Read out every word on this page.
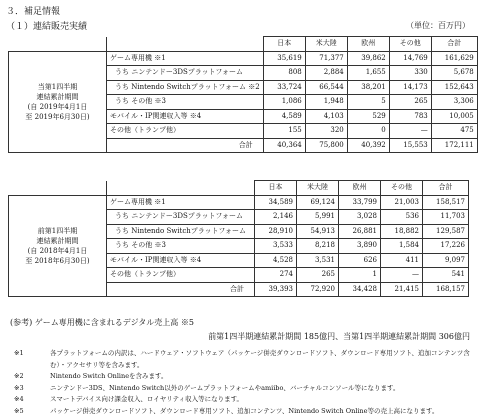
３．補足情報
（１）連結販売実績	（単位：百万円）
		日本	米大陸	欧州	その他	合計

当第1四半期
連結累計期間
(自 2019年4月1日
至 2019年6月30日)	ゲーム専用機 ※1	35,619	71,377	39,862	14,769	161,629
	うち ニンテンドー3DSプラットフォーム	808	2,884	1,655	330	5,678
	うち Nintendo Switchプラットフォーム ※2	33,724	66,544	38,201	14,173	152,643
	うち その他 ※3	1,086	1,948	5	265	3,306
	モバイル・IP関連収入等 ※4	4,589	4,103	529	783	10,005
	その他（トランプ他）	155	320	0	—	475
	合計	40,364	75,800	40,392	15,553	172,111
		日本	米大陸	欧州	その他	合計

前第1四半期
連結累計期間
(自 2018年4月1日
至 2018年6月30日)	ゲーム専用機 ※1	34,589	69,124	33,799	21,003	158,517
	うち ニンテンドー3DSプラットフォーム	2,146	5,991	3,028	536	11,703
	うち Nintendo Switchプラットフォーム	28,910	54,913	26,881	18,882	129,587
	うち その他 ※3	3,533	8,218	3,890	1,584	17,226
	モバイル・IP関連収入等 ※4	4,528	3,531	626	411	9,097
	その他（トランプ他）	274	265	1	—	541
	合計	39,393	72,920	34,428	21,415	168,157
(参考) ゲーム専用機に含まれるデジタル売上高 ※5
前第1四半期連結累計期間 185億円、当第1四半期連結累計期間 306億円
※1	各プラットフォームの内訳は、ハードウェア・ソフトウェア（パッケージ併売ダウンロードソフト、ダウンロード専用ソフト、追加コンテンツ含む）・アクセサリ等を含みます。
※2	Nintendo Switch Onlineを含みます。
※3	ニンテンドー3DS、Nintendo Switch以外のゲームプラットフォームやamiibo、バーチャルコンソール等になります。
※4	スマートデバイス向け課金収入、ロイヤリティ収入等になります。
※5	パッケージ併売ダウンロードソフト、ダウンロード専用ソフト、追加コンテンツ、Nintendo Switch Online等の売上高になります。
